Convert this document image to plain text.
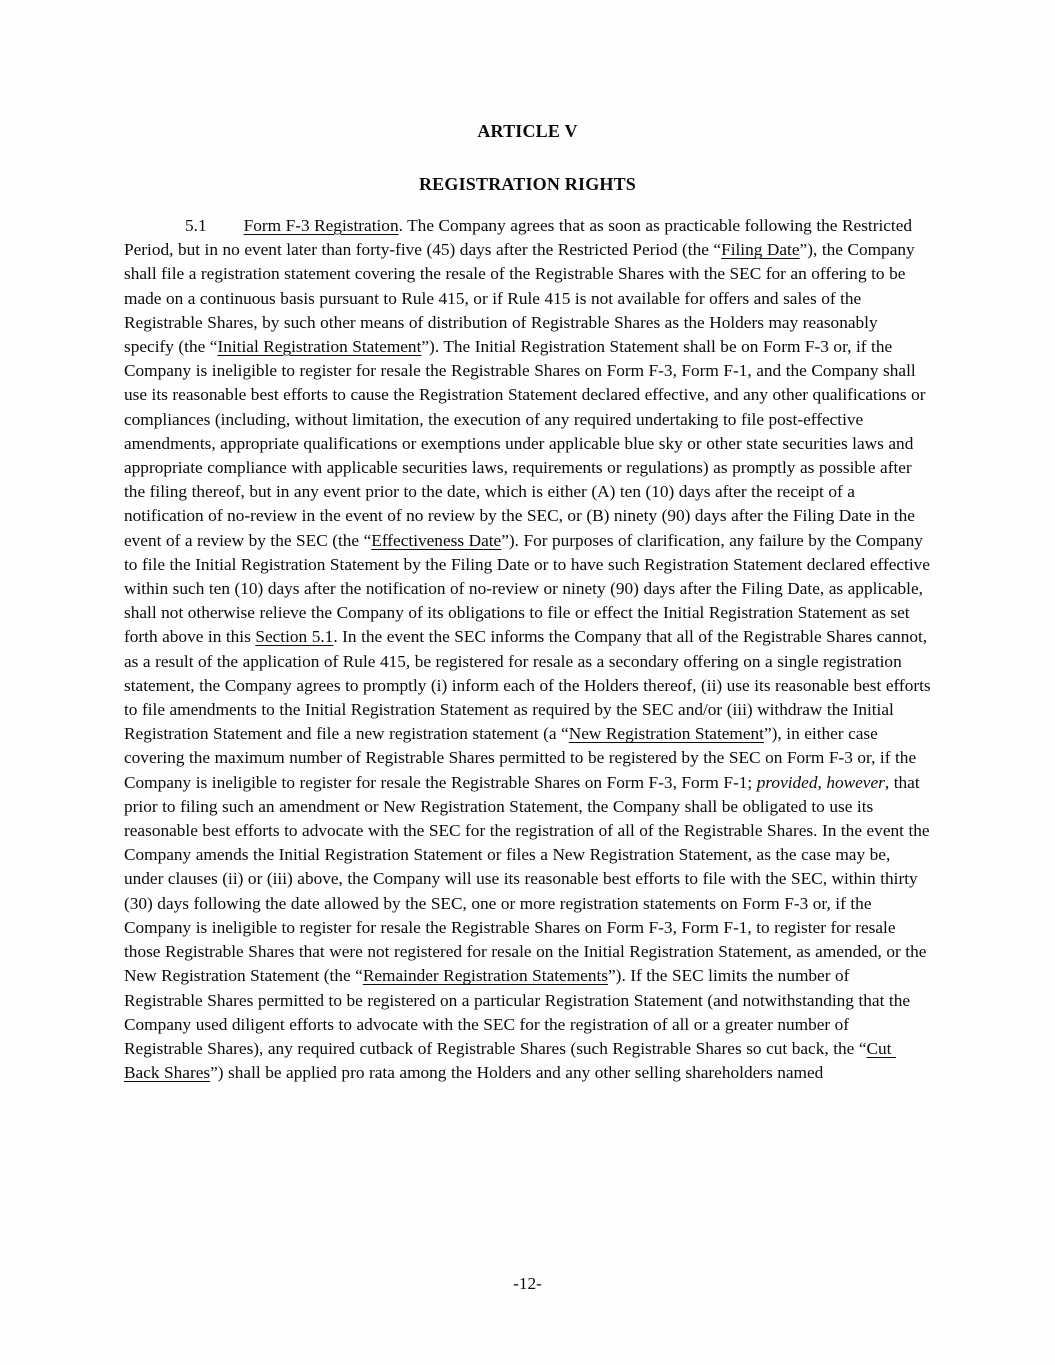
ARTICLE V
REGISTRATION RIGHTS

5.1 Form F-3 Registration. The Company agrees that as soon as practicable following the Restricted Period, but in no event later than forty-five (45) days after the Restricted Period (the “Filing Date”), the Company shall file a registration statement covering the resale of the Registrable Shares with the SEC for an offering to be made on a continuous basis pursuant to Rule 415, or if Rule 415 is not available for offers and sales of the Registrable Shares, by such other means of distribution of Registrable Shares as the Holders may reasonably specify (the “Initial Registration Statement”). The Initial Registration Statement shall be on Form F-3 or, if the Company is ineligible to register for resale the Registrable Shares on Form F-3, Form F-1, and the Company shall use its reasonable best efforts to cause the Registration Statement declared effective, and any other qualifications or compliances (including, without limitation, the execution of any required undertaking to file post-effective amendments, appropriate qualifications or exemptions under applicable blue sky or other state securities laws and appropriate compliance with applicable securities laws, requirements or regulations) as promptly as possible after the filing thereof, but in any event prior to the date, which is either (A) ten (10) days after the receipt of a notification of no-review in the event of no review by the SEC, or (B) ninety (90) days after the Filing Date in the event of a review by the SEC (the “Effectiveness Date”). For purposes of clarification, any failure by the Company to file the Initial Registration Statement by the Filing Date or to have such Registration Statement declared effective within such ten (10) days after the notification of no-review or ninety (90) days after the Filing Date, as applicable, shall not otherwise relieve the Company of its obligations to file or effect the Initial Registration Statement as set forth above in this Section 5.1. In the event the SEC informs the Company that all of the Registrable Shares cannot, as a result of the application of Rule 415, be registered for resale as a secondary offering on a single registration statement, the Company agrees to promptly (i) inform each of the Holders thereof, (ii) use its reasonable best efforts to file amendments to the Initial Registration Statement as required by the SEC and/or (iii) withdraw the Initial Registration Statement and file a new registration statement (a “New Registration Statement”), in either case covering the maximum number of Registrable Shares permitted to be registered by the SEC on Form F-3 or, if the Company is ineligible to register for resale the Registrable Shares on Form F-3, Form F-1; provided, however, that prior to filing such an amendment or New Registration Statement, the Company shall be obligated to use its reasonable best efforts to advocate with the SEC for the registration of all of the Registrable Shares. In the event the Company amends the Initial Registration Statement or files a New Registration Statement, as the case may be, under clauses (ii) or (iii) above, the Company will use its reasonable best efforts to file with the SEC, within thirty (30) days following the date allowed by the SEC, one or more registration statements on Form F-3 or, if the Company is ineligible to register for resale the Registrable Shares on Form F-3, Form F-1, to register for resale those Registrable Shares that were not registered for resale on the Initial Registration Statement, as amended, or the New Registration Statement (the “Remainder Registration Statements”). If the SEC limits the number of Registrable Shares permitted to be registered on a particular Registration Statement (and notwithstanding that the Company used diligent efforts to advocate with the SEC for the registration of all or a greater number of Registrable Shares), any required cutback of Registrable Shares (such Registrable Shares so cut back, the “Cut Back Shares”) shall be applied pro rata among the Holders and any other selling shareholders named

-12-
